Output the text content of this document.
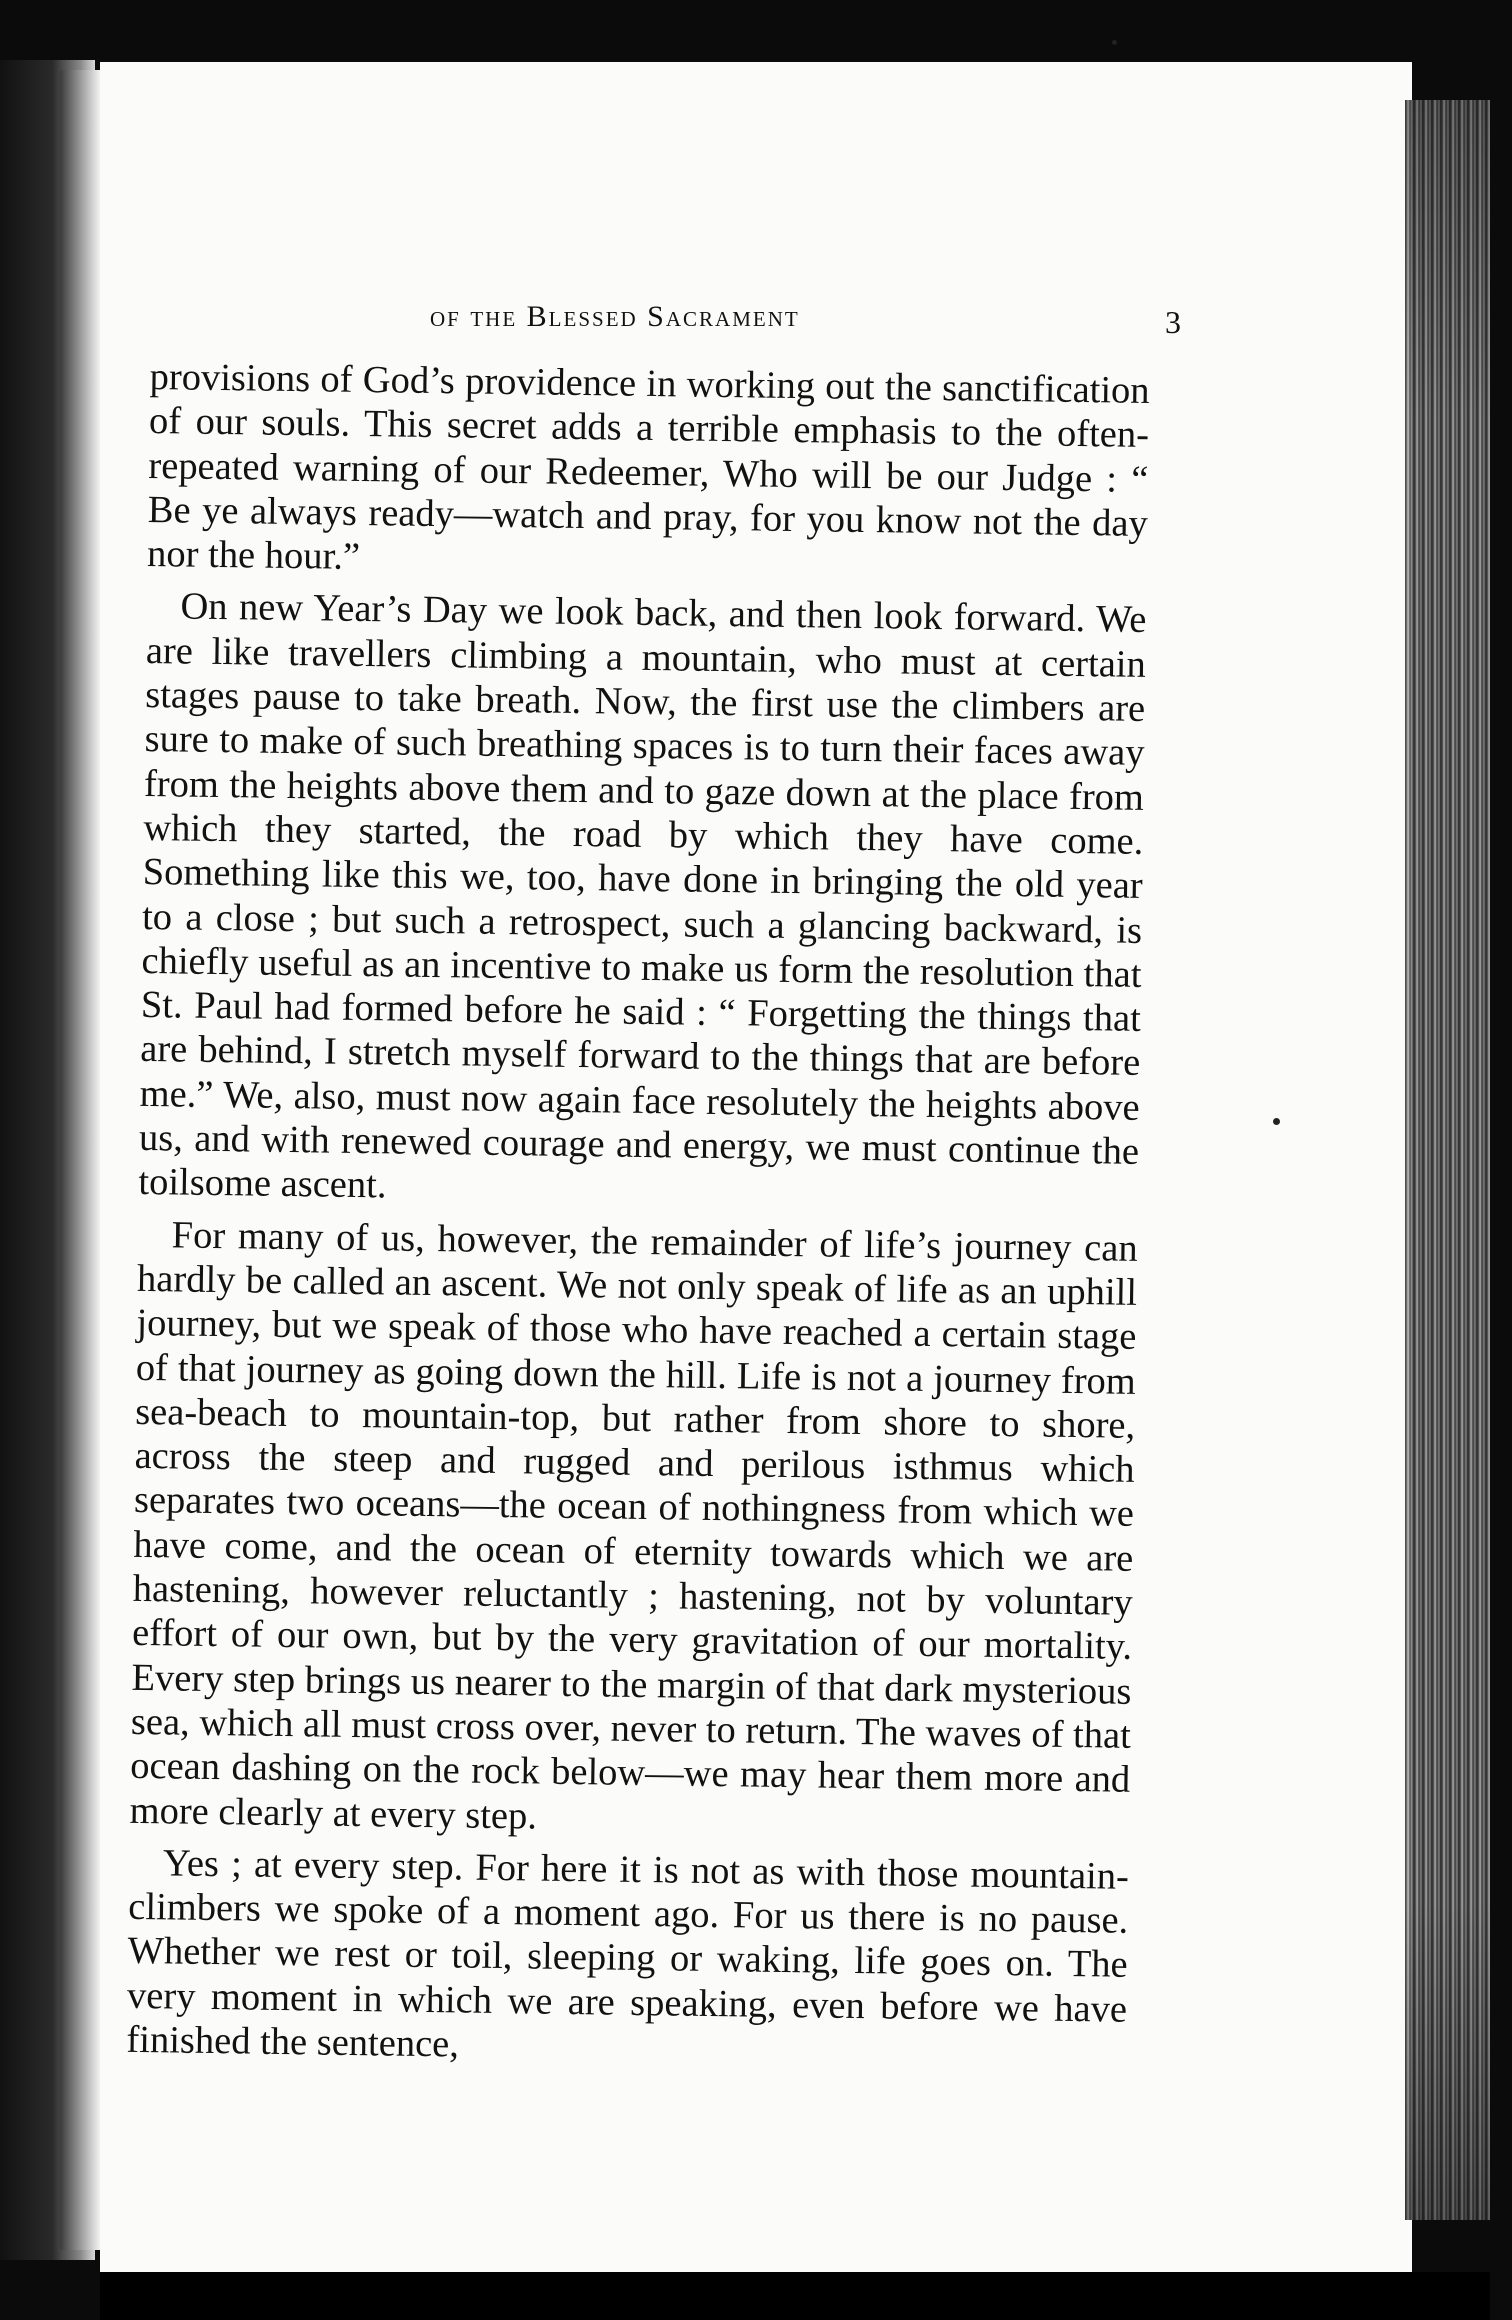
of the Blessed Sacrament	3

provisions of God’s providence in working out the sanctification of our souls. This secret adds a terrible emphasis to the often-repeated warning of our Redeemer, Who will be our Judge : “ Be ye always ready—watch and pray, for you know not the day nor the hour.”

On new Year’s Day we look back, and then look forward. We are like travellers climbing a mountain, who must at certain stages pause to take breath. Now, the first use the climbers are sure to make of such breathing spaces is to turn their faces away from the heights above them and to gaze down at the place from which they started, the road by which they have come. Something like this we, too, have done in bringing the old year to a close ; but such a retrospect, such a glancing backward, is chiefly useful as an incentive to make us form the resolution that St. Paul had formed before he said : “ Forgetting the things that are behind, I stretch myself forward to the things that are before me.” We, also, must now again face resolutely the heights above us, and with renewed courage and energy, we must continue the toilsome ascent.

For many of us, however, the remainder of life’s journey can hardly be called an ascent. We not only speak of life as an uphill journey, but we speak of those who have reached a certain stage of that journey as going down the hill. Life is not a journey from sea-beach to mountain-top, but rather from shore to shore, across the steep and rugged and perilous isthmus which separates two oceans—the ocean of nothingness from which we have come, and the ocean of eternity towards which we are hastening, however reluctantly ; hastening, not by voluntary effort of our own, but by the very gravitation of our mortality. Every step brings us nearer to the margin of that dark mysterious sea, which all must cross over, never to return. The waves of that ocean dashing on the rock below—we may hear them more and more clearly at every step.

Yes ; at every step. For here it is not as with those mountain-climbers we spoke of a moment ago. For us there is no pause. Whether we rest or toil, sleeping or waking, life goes on. The very moment in which we are speaking, even before we have finished the sentence,
